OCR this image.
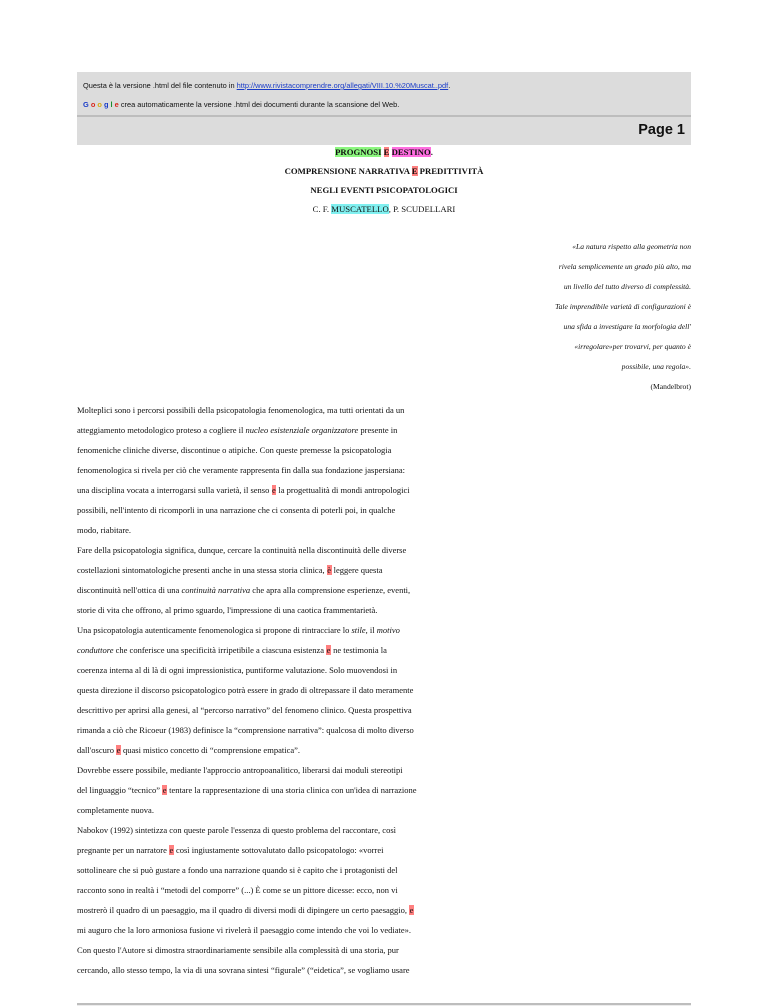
Questa è la versione .html del file contenuto in http://www.rivistacomprendre.org/allegati/VIII.10.%20Muscat..pdf.
G o o g l e crea automaticamente la versione .html dei documenti durante la scansione del Web.
Page 1
PROGNOSI E DESTINO.
COMPRENSIONE NARRATIVA E PREDITTIVITÀ
NEGLI EVENTI PSICOPATOLOGICI
C. F. MUSCATELLO, P. SCUDELLARI
«La natura rispetto alla geometria non
rivela semplicemente un grado più alto, ma
un livello del tutto diverso di complessità.
Tale imprendibile varietà di configurazioni è
una sfida a investigare la morfologia dell'
«irregolare»per trovarvi, per quanto è
possibile, una regola».
(Mandelbrot)
Molteplici sono i percorsi possibili della psicopatologia fenomenologica, ma tutti orientati da un
atteggiamento metodologico proteso a cogliere il nucleo esistenziale organizzatore presente in
fenomeniche cliniche diverse, discontinue o atipiche. Con queste premesse la psicopatologia
fenomenologica si rivela per ciò che veramente rappresenta fin dalla sua fondazione jaspersiana:
una disciplina vocata a interrogarsi sulla varietà, il senso e la progettualità di mondi antropologici
possibili, nell'intento di ricomporli in una narrazione che ci consenta di poterli poi, in qualche
modo, riabitare.
Fare della psicopatologia significa, dunque, cercare la continuità nella discontinuità delle diverse
costellazioni sintomatologiche presenti anche in una stessa storia clinica, è leggere questa
discontinuità nell'ottica di una continuità narrativa che apra alla comprensione esperienze, eventi,
storie di vita che offrono, al primo sguardo, l'impressione di una caotica frammentarietà.
Una psicopatologia autenticamente fenomenologica si propone di rintracciare lo stile, il motivo
conduttore che conferisce una specificità irripetibile a ciascuna esistenza e ne testimonia la
coerenza interna al di là di ogni impressionistica, puntiforme valutazione. Solo muovendosi in
questa direzione il discorso psicopatologico potrà essere in grado di oltrepassare il dato meramente
descrittivo per aprirsi alla genesi, al “percorso narrativo” del fenomeno clinico. Questa prospettiva
rimanda a ciò che Ricoeur (1983) definisce la “comprensione narrativa”: qualcosa di molto diverso
dall'oscuro e quasi mistico concetto di “comprensione empatica”.
Dovrebbe essere possibile, mediante l'approccio antropoanalitico, liberarsi dai moduli stereotipi
del linguaggio “tecnico” e tentare la rappresentazione di una storia clinica con un'idea di narrazione
completamente nuova.
Nabokov (1992) sintetizza con queste parole l'essenza di questo problema del raccontare, così
pregnante per un narratore e così ingiustamente sottovalutato dallo psicopatologo: «vorrei
sottolineare che si può gustare a fondo una narrazione quando si è capito che i protagonisti del
racconto sono in realtà i “metodi del comporre” (...) È come se un pittore dicesse: ecco, non vi
mostrerò il quadro di un paesaggio, ma il quadro di diversi modi di dipingere un certo paesaggio, e
mi auguro che la loro armoniosa fusione vi rivelerà il paesaggio come intendo che voi lo vediate».
Con questo l'Autore si dimostra straordinariamente sensibile alla complessità di una storia, pur
cercando, allo stesso tempo, la via di una sovrana sintesi “figurale” (“eidetica”, se vogliamo usare
